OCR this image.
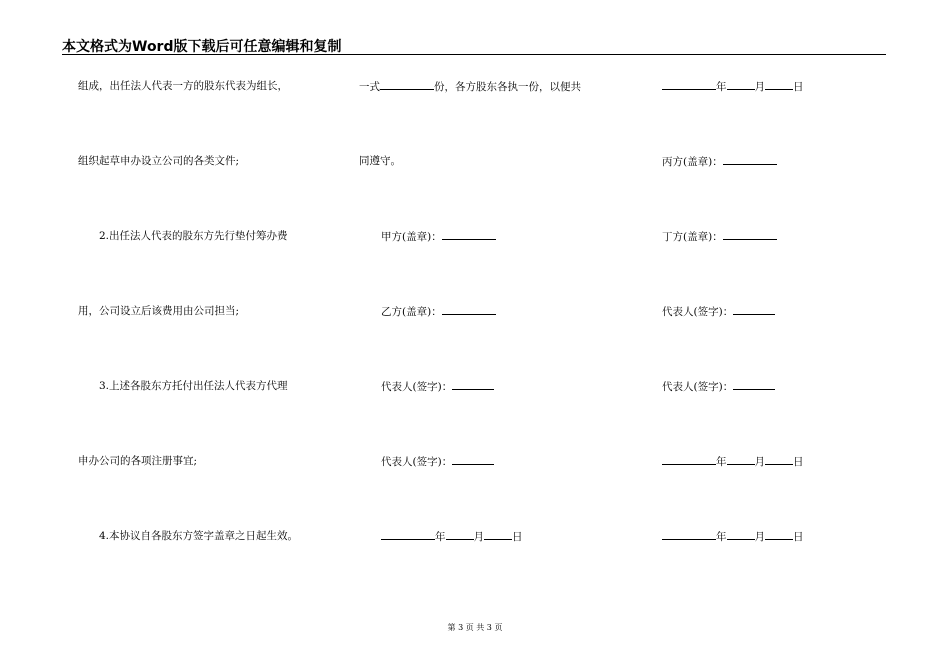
本文格式为Word版下载后可任意编辑和复制
组成，出任法人代表一方的股东代表为组长，
组织起草申办设立公司的各类文件;
2.出任法人代表的股东方先行垫付筹办费
用，公司设立后该费用由公司担当;
3.上述各股东方托付出任法人代表方代理
申办公司的各项注册事宜;
4.本协议自各股东方签字盖章之日起生效。
一式	份，各方股东各执一份，以便共
同遵守。
甲方(盖章)：
乙方(盖章)：
代表人(签字)：
代表人(签字)：
年	月	日
年	月	日
丙方(盖章)：
丁方(盖章)：
代表人(签字)：
代表人(签字)：
年	月	日
年	月	日
第 3 页 共 3 页
